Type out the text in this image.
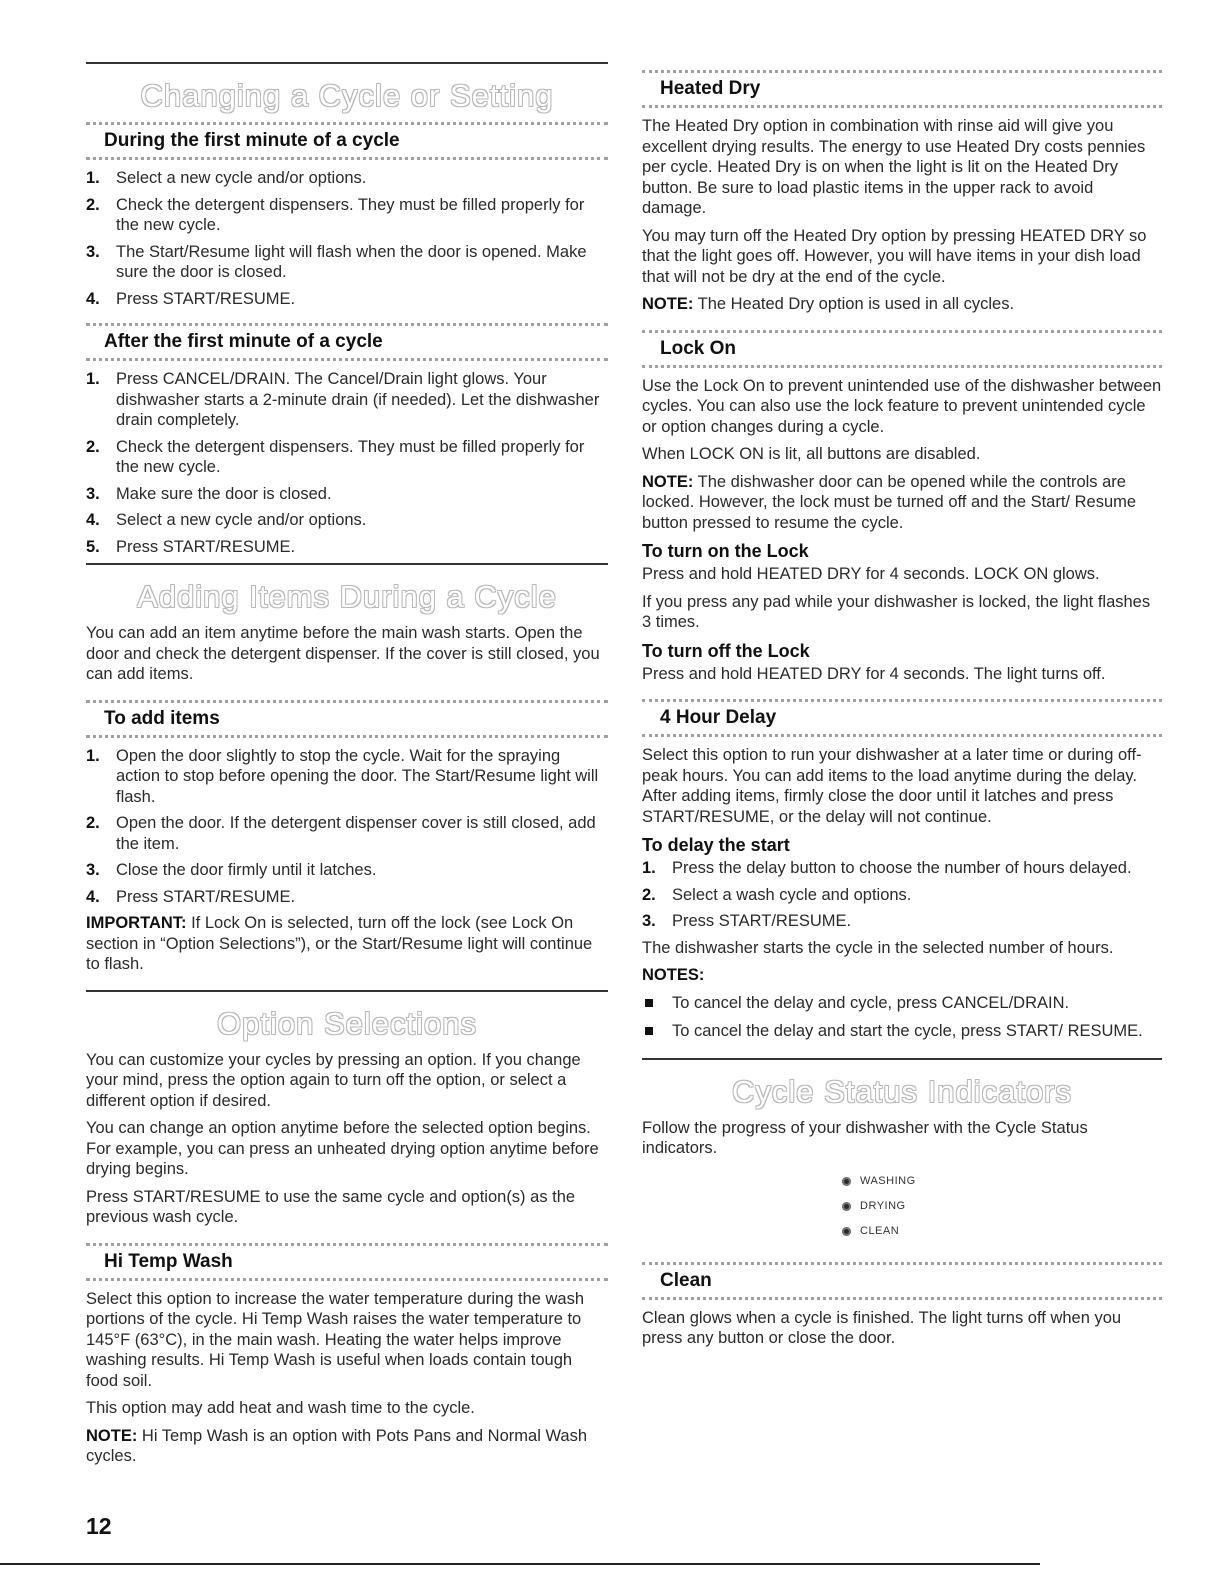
Changing a Cycle or Setting
During the first minute of a cycle
1. Select a new cycle and/or options.
2. Check the detergent dispensers. They must be filled properly for the new cycle.
3. The Start/Resume light will flash when the door is opened. Make sure the door is closed.
4. Press START/RESUME.
After the first minute of a cycle
1. Press CANCEL/DRAIN. The Cancel/Drain light glows. Your dishwasher starts a 2-minute drain (if needed). Let the dishwasher drain completely.
2. Check the detergent dispensers. They must be filled properly for the new cycle.
3. Make sure the door is closed.
4. Select a new cycle and/or options.
5. Press START/RESUME.
Adding Items During a Cycle

You can add an item anytime before the main wash starts. Open the door and check the detergent dispenser. If the cover is still closed, you can add items.

To add items
1. Open the door slightly to stop the cycle. Wait for the spraying action to stop before opening the door. The Start/Resume light will flash.
2. Open the door. If the detergent dispenser cover is still closed, add the item.
3. Close the door firmly until it latches.
4. Press START/RESUME.

IMPORTANT: If Lock On is selected, turn off the lock (see Lock On section in “Option Selections”), or the Start/Resume light will continue to flash.

Option Selections

You can customize your cycles by pressing an option. If you change your mind, press the option again to turn off the option, or select a different option if desired.

You can change an option anytime before the selected option begins. For example, you can press an unheated drying option anytime before drying begins.

Press START/RESUME to use the same cycle and option(s) as the previous wash cycle.

Hi Temp Wash

Select this option to increase the water temperature during the wash portions of the cycle. Hi Temp Wash raises the water temperature to 145°F (63°C), in the main wash. Heating the water helps improve washing results. Hi Temp Wash is useful when loads contain tough food soil.

This option may add heat and wash time to the cycle.

NOTE: Hi Temp Wash is an option with Pots Pans and Normal Wash cycles.

Heated Dry

The Heated Dry option in combination with rinse aid will give you excellent drying results. The energy to use Heated Dry costs pennies per cycle. Heated Dry is on when the light is lit on the Heated Dry button. Be sure to load plastic items in the upper rack to avoid damage.

You may turn off the Heated Dry option by pressing HEATED DRY so that the light goes off. However, you will have items in your dish load that will not be dry at the end of the cycle.

NOTE: The Heated Dry option is used in all cycles.

Lock On

Use the Lock On to prevent unintended use of the dishwasher between cycles. You can also use the lock feature to prevent unintended cycle or option changes during a cycle.

When LOCK ON is lit, all buttons are disabled.

NOTE: The dishwasher door can be opened while the controls are locked. However, the lock must be turned off and the Start/ Resume button pressed to resume the cycle.

To turn on the Lock

Press and hold HEATED DRY for 4 seconds. LOCK ON glows.

If you press any pad while your dishwasher is locked, the light flashes 3 times.

To turn off the Lock

Press and hold HEATED DRY for 4 seconds. The light turns off.

4 Hour Delay

Select this option to run your dishwasher at a later time or during off-peak hours. You can add items to the load anytime during the delay. After adding items, firmly close the door until it latches and press START/RESUME, or the delay will not continue.

To delay the start
1. Press the delay button to choose the number of hours delayed.
2. Select a wash cycle and options.
3. Press START/RESUME.

The dishwasher starts the cycle in the selected number of hours.

NOTES:

To cancel the delay and cycle, press CANCEL/DRAIN.
To cancel the delay and start the cycle, press START/ RESUME.
Cycle Status Indicators

Follow the progress of your dishwasher with the Cycle Status indicators.

WASHING
DRYING
CLEAN
Clean

Clean glows when a cycle is finished. The light turns off when you press any button or close the door.

12
